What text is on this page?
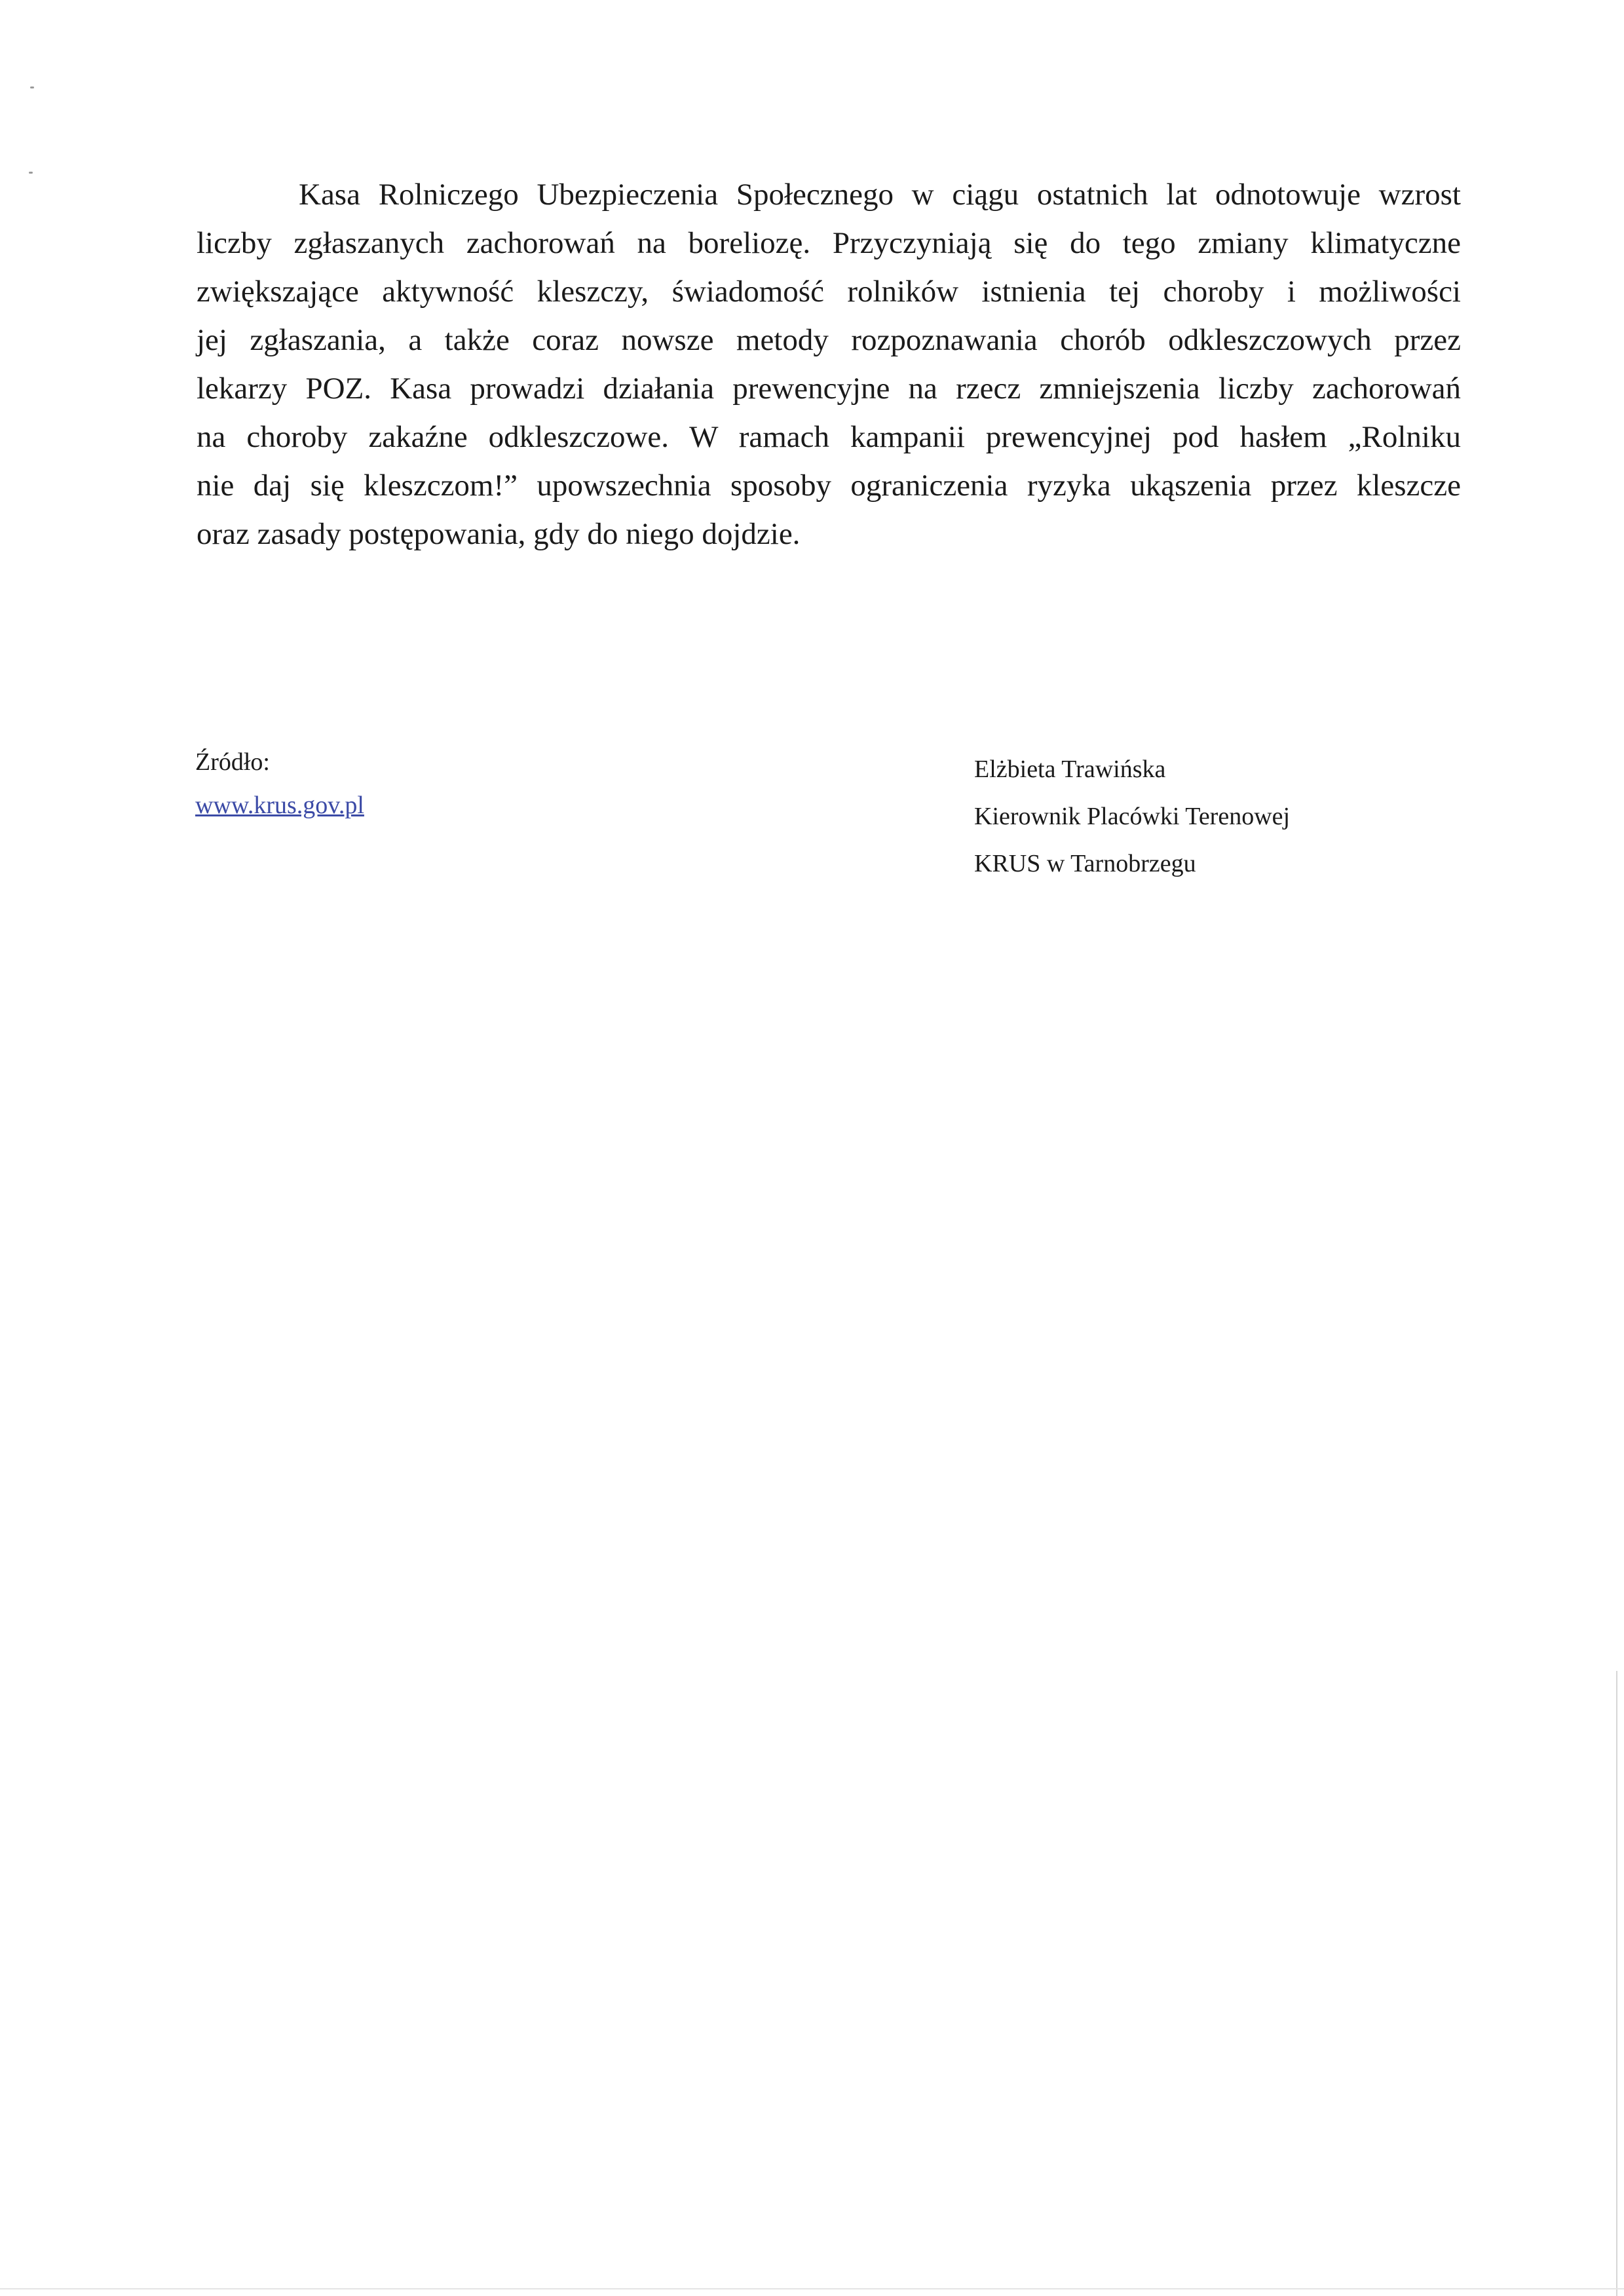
Kasa Rolniczego Ubezpieczenia Społecznego w ciągu ostatnich lat odnotowuje wzrost
liczby zgłaszanych zachorowań na boreliozę. Przyczyniają się do tego zmiany klimatyczne
zwiększające aktywność kleszczy, świadomość rolników istnienia tej choroby i możliwości
jej zgłaszania, a także coraz nowsze metody rozpoznawania chorób odkleszczowych przez
lekarzy POZ. Kasa prowadzi działania prewencyjne na rzecz zmniejszenia liczby zachorowań
na choroby zakaźne odkleszczowe. W ramach kampanii prewencyjnej pod hasłem „Rolniku
nie daj się kleszczom!” upowszechnia sposoby ograniczenia ryzyka ukąszenia przez kleszcze
oraz zasady postępowania, gdy do niego dojdzie.
Źródło:
www.krus.gov.pl
Elżbieta Trawińska
Kierownik Placówki Terenowej
KRUS w Tarnobrzegu
